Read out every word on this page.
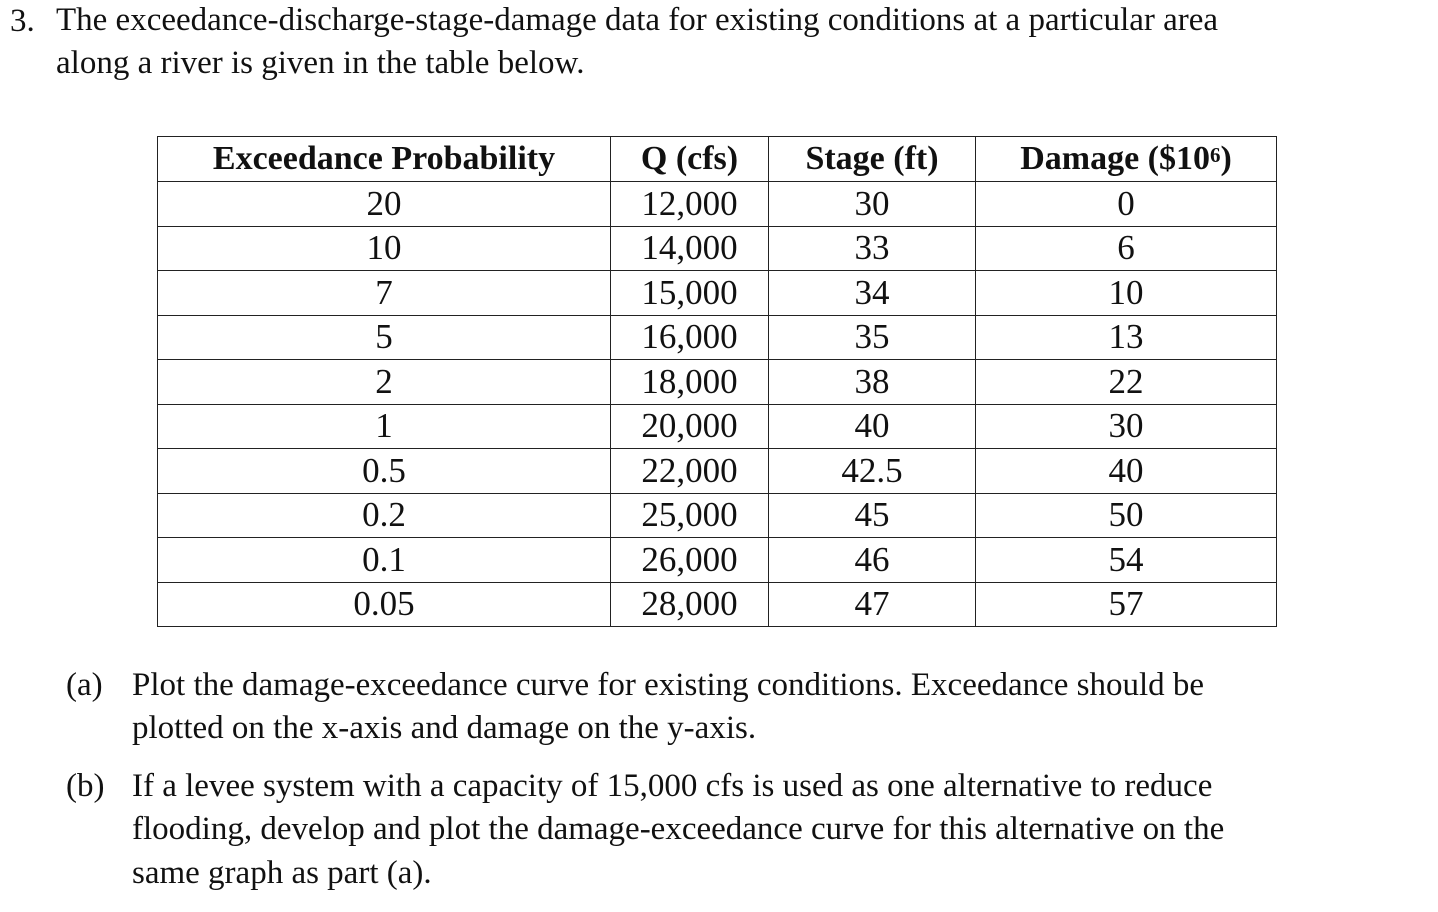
3. The exceedance-discharge-stage-damage data for existing conditions at a particular area
along a river is given in the table below.
Exceedance Probability	Q (cfs)	Stage (ft)	Damage $(\$10^6)$
20	12,000	30	0
10	14,000	33	6
7	15,000	34	10
5	16,000	35	13
2	18,000	38	22
1	20,000	40	30
0.5	22,000	42.5	40
0.2	25,000	45	50
0.1	26,000	46	54
0.05	28,000	47	57
(a) Plot the damage-exceedance curve for existing conditions. Exceedance should be
plotted on the x-axis and damage on the y-axis.
(b) If a levee system with a capacity of 15,000 cfs is used as one alternative to reduce
flooding, develop and plot the damage-exceedance curve for this alternative on the
same graph as part (a).
